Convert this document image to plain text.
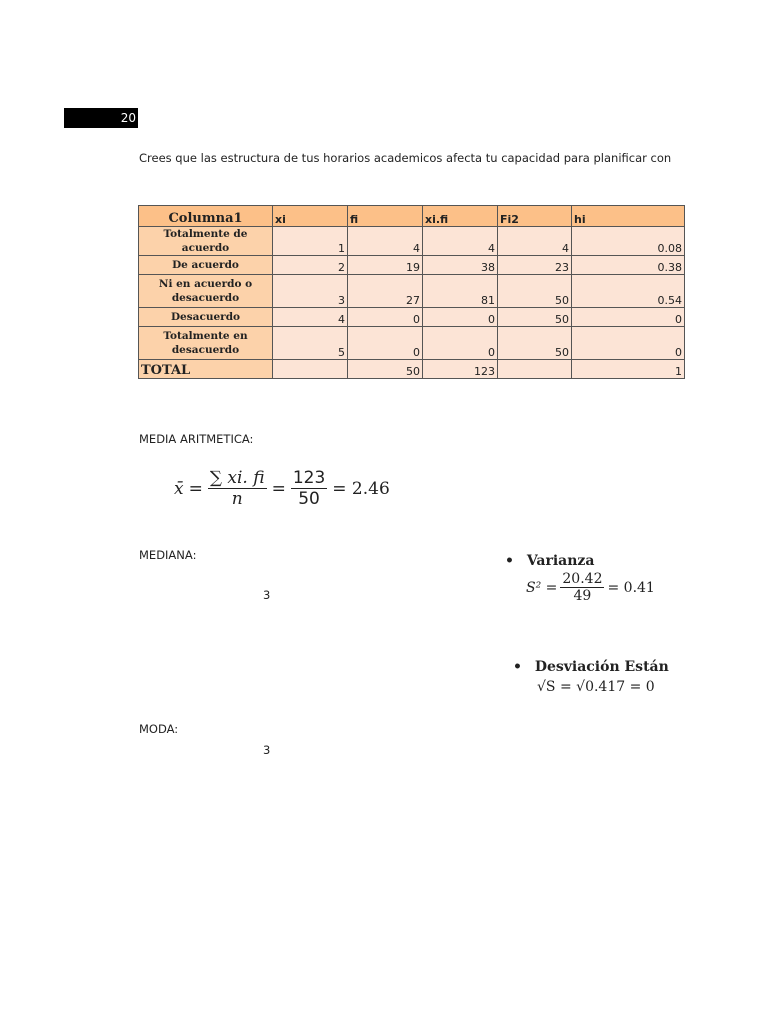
20
Crees que las estructura de tus horarios academicos afecta tu capacidad para planificar con
Columna1	xi	fi	xi.fi	Fi2	hi
Totalmente de acuerdo	1	4	4	4	0.08
De acuerdo	2	19	38	23	0.38
Ni en acuerdo o desacuerdo	3	27	81	50	0.54
Desacuerdo	4	0	0	50	0
Totalmente en desacuerdo	5	0	0	50	0
TOTAL		50	123		1
MEDIA ARITMETICA:
x̄ = $\frac{\sum xi. fi}{n} = \frac{123}{50} = 2.46$
MEDIANA:
3
MODA:
3
• Varianza
$S^2 = \frac{20.42}{49} = 0.41$
• Desviación Están
√S = √0.417 = 0
